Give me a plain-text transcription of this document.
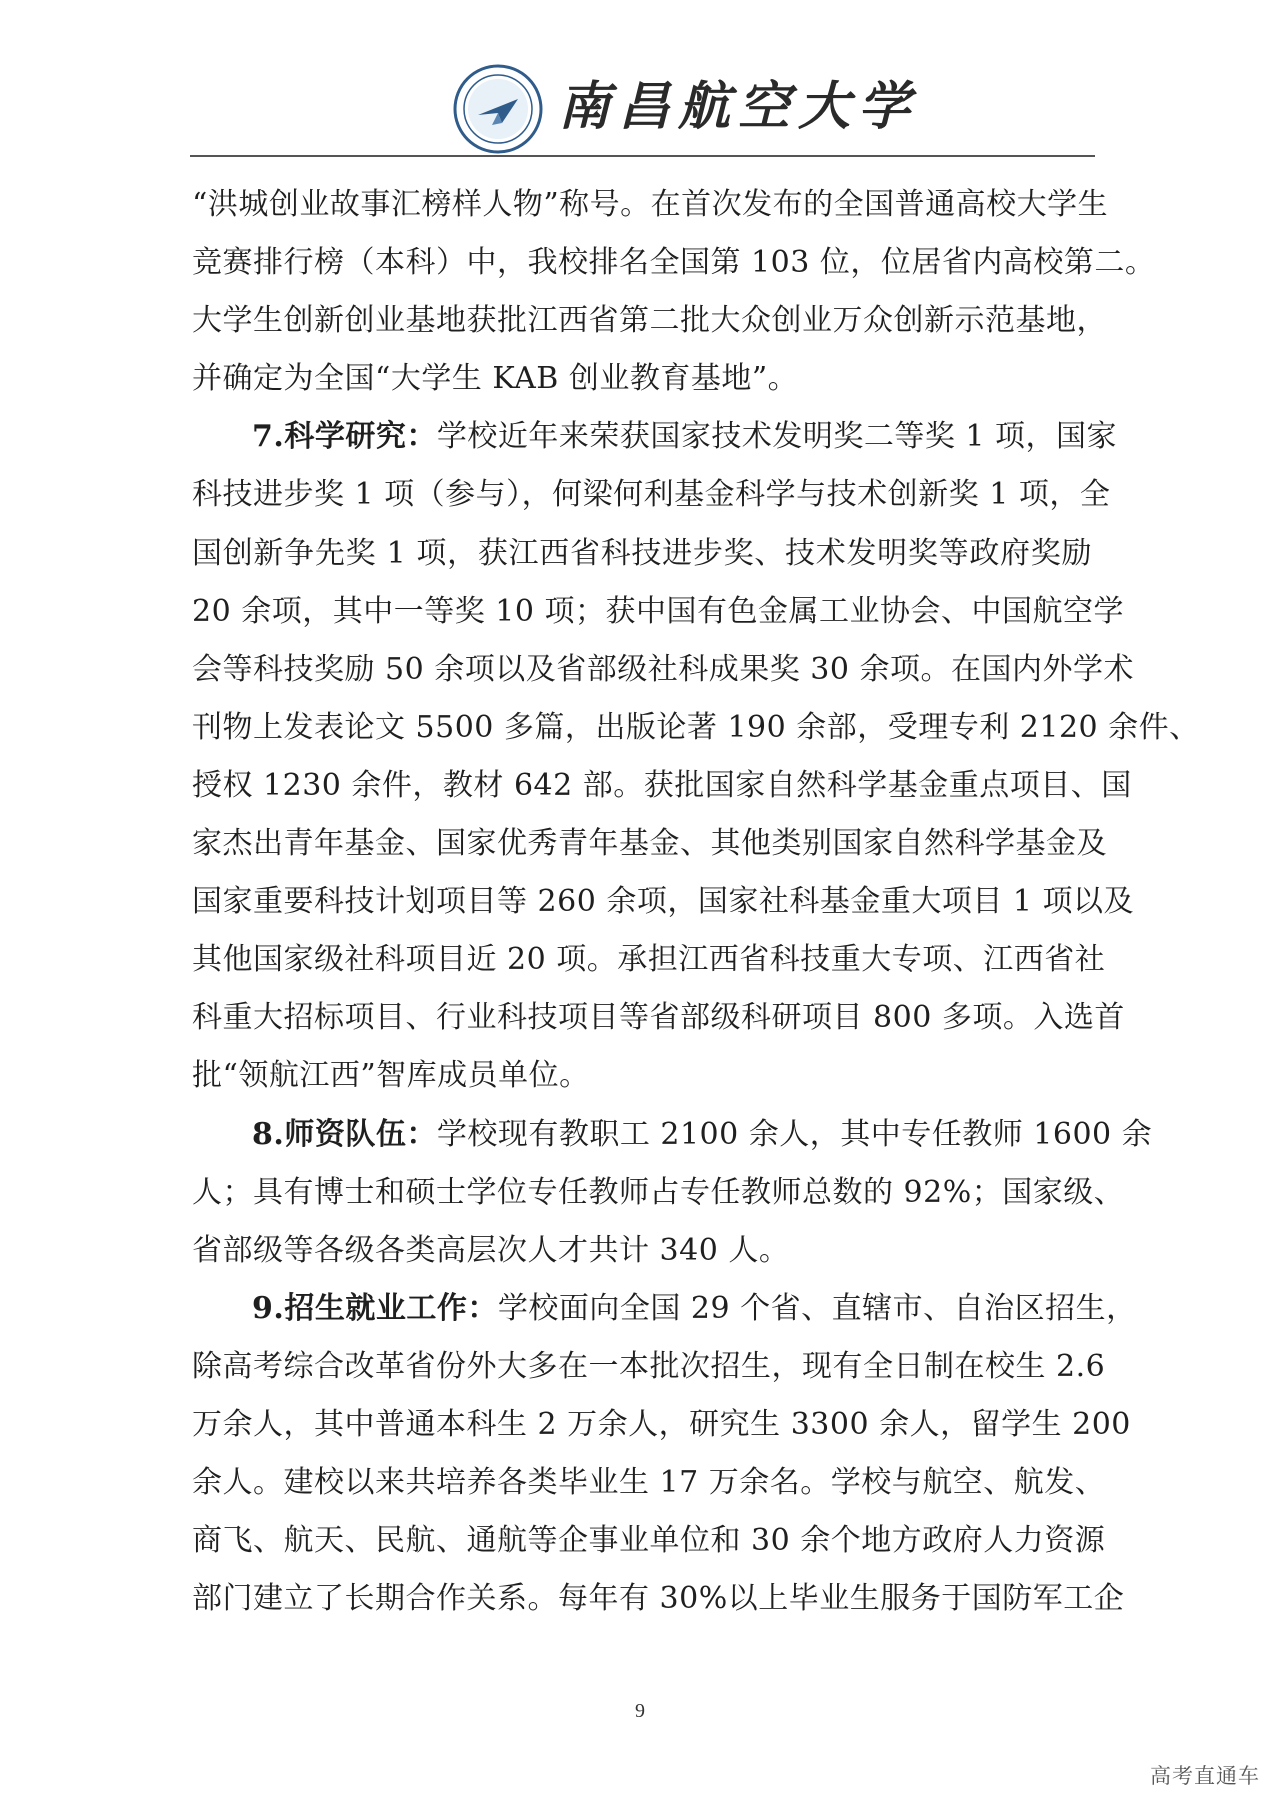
南昌航空大学
“洪城创业故事汇榜样人物”称号。在首次发布的全国普通高校大学生
竞赛排行榜（本科）中，我校排名全国第 103 位，位居省内高校第二。
大学生创新创业基地获批江西省第二批大众创业万众创新示范基地，
并确定为全国“大学生 KAB 创业教育基地”。
7.科学研究：学校近年来荣获国家技术发明奖二等奖 1 项，国家
科技进步奖 1 项（参与），何梁何利基金科学与技术创新奖 1 项，全
国创新争先奖 1 项，获江西省科技进步奖、技术发明奖等政府奖励
20 余项，其中一等奖 10 项；获中国有色金属工业协会、中国航空学
会等科技奖励 50 余项以及省部级社科成果奖 30 余项。在国内外学术
刊物上发表论文 5500 多篇，出版论著 190 余部，受理专利 2120 余件、
授权 1230 余件，教材 642 部。获批国家自然科学基金重点项目、国
家杰出青年基金、国家优秀青年基金、其他类别国家自然科学基金及
国家重要科技计划项目等 260 余项，国家社科基金重大项目 1 项以及
其他国家级社科项目近 20 项。承担江西省科技重大专项、江西省社
科重大招标项目、行业科技项目等省部级科研项目 800 多项。入选首
批“领航江西”智库成员单位。
8.师资队伍：学校现有教职工 2100 余人，其中专任教师 1600 余
人；具有博士和硕士学位专任教师占专任教师总数的 92%；国家级、
省部级等各级各类高层次人才共计 340 人。
9.招生就业工作：学校面向全国 29 个省、直辖市、自治区招生，
除高考综合改革省份外大多在一本批次招生，现有全日制在校生 2.6
万余人，其中普通本科生 2 万余人，研究生 3300 余人，留学生 200
余人。建校以来共培养各类毕业生 17 万余名。学校与航空、航发、
商飞、航天、民航、通航等企事业单位和 30 余个地方政府人力资源
部门建立了长期合作关系。每年有 30%以上毕业生服务于国防军工企
9
高考直通车
